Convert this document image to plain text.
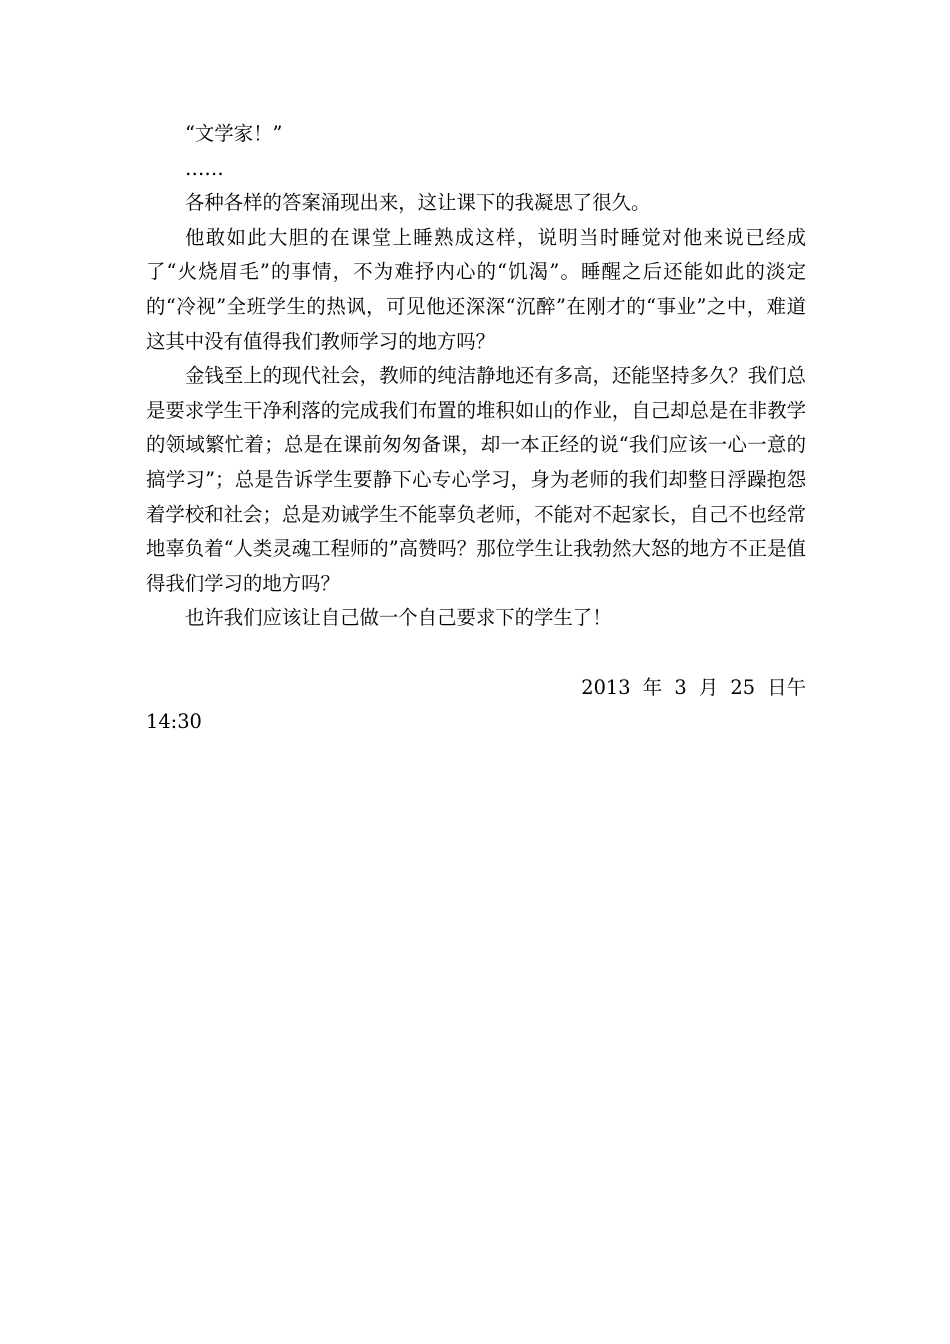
“文学家！”

……

各种各样的答案涌现出来，这让课下的我凝思了很久。

他敢如此大胆的在课堂上睡熟成这样，说明当时睡觉对他来说已经成了“火烧眉毛”的事情，不为难抒内心的“饥渴”。睡醒之后还能如此的淡定的“冷视”全班学生的热讽，可见他还深深“沉醉”在刚才的“事业”之中，难道这其中没有值得我们教师学习的地方吗？

金钱至上的现代社会，教师的纯洁静地还有多高，还能坚持多久？我们总是要求学生干净利落的完成我们布置的堆积如山的作业，自己却总是在非教学的领域繁忙着；总是在课前匆匆备课，却一本正经的说“我们应该一心一意的搞学习”；总是告诉学生要静下心专心学习，身为老师的我们却整日浮躁抱怨着学校和社会；总是劝诫学生不能辜负老师，不能对不起家长，自己不也经常地辜负着“人类灵魂工程师的”高赞吗？那位学生让我勃然大怒的地方不正是值得我们学习的地方吗？

也许我们应该让自己做一个自己要求下的学生了！

2013 年 3 月 25 日午

14:30
